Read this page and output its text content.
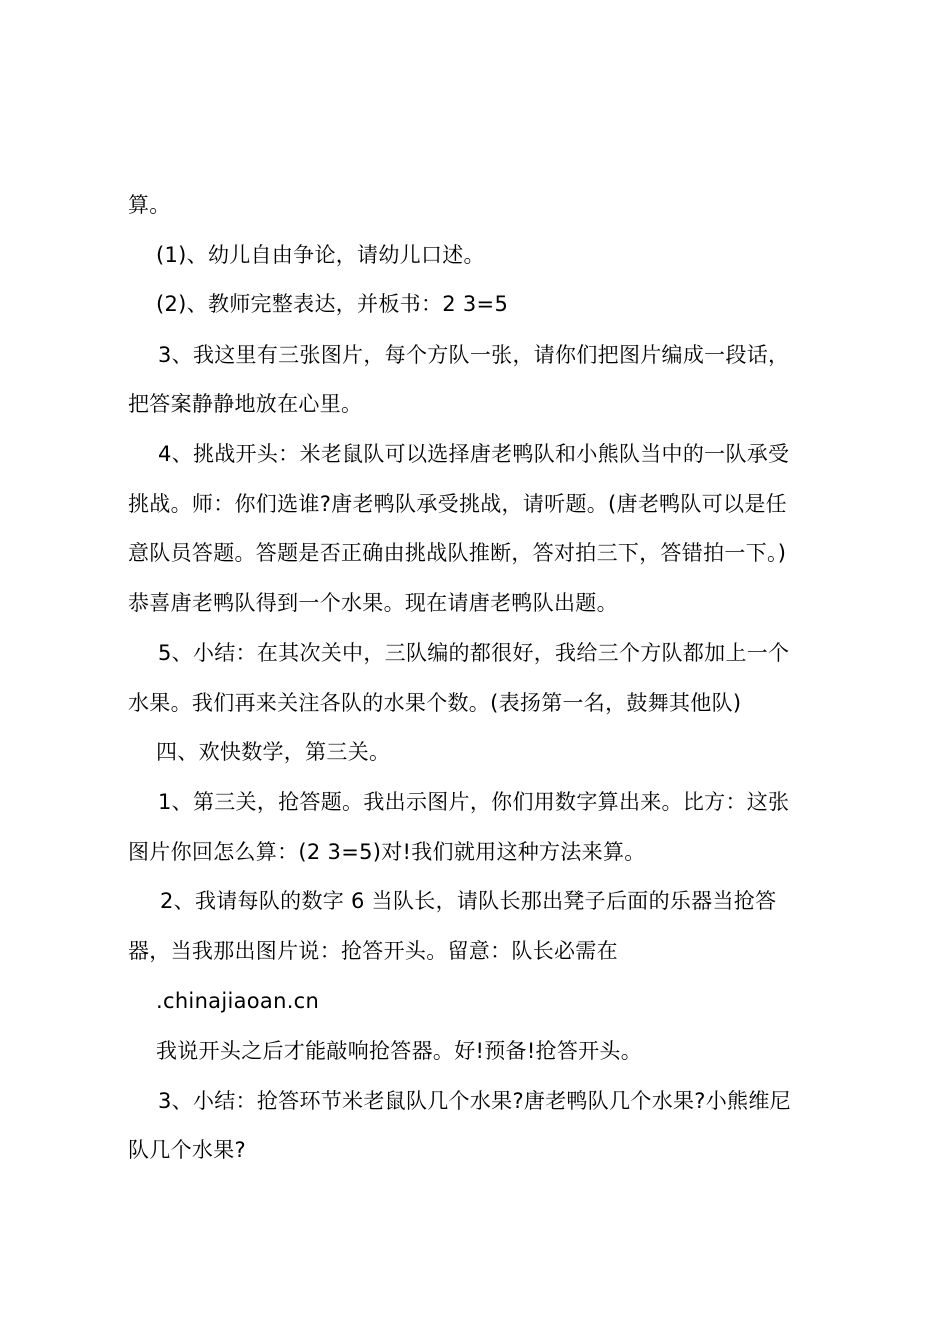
算。
(1)、幼儿自由争论，请幼儿口述。
(2)、教师完整表达，并板书：2 3=5
3、我这里有三张图片，每个方队一张，请你们把图片编成一段话，
把答案静静地放在心里。
4、挑战开头：米老鼠队可以选择唐老鸭队和小熊队当中的一队承受
挑战。师：你们选谁?唐老鸭队承受挑战，请听题。(唐老鸭队可以是任
意队员答题。答题是否正确由挑战队推断，答对拍三下，答错拍一下。)
恭喜唐老鸭队得到一个水果。现在请唐老鸭队出题。
5、小结：在其次关中，三队编的都很好，我给三个方队都加上一个
水果。我们再来关注各队的水果个数。(表扬第一名，鼓舞其他队)
四、欢快数学，第三关。
1、第三关，抢答题。我出示图片，你们用数字算出来。比方：这张
图片你回怎么算：(2 3=5)对!我们就用这种方法来算。
2、我请每队的数字 6 当队长，请队长那出凳子后面的乐器当抢答
器，当我那出图片说：抢答开头。留意：队长必需在
.chinajiaoan.cn
我说开头之后才能敲响抢答器。好!预备!抢答开头。
3、小结：抢答环节米老鼠队几个水果?唐老鸭队几个水果?小熊维尼
队几个水果?
